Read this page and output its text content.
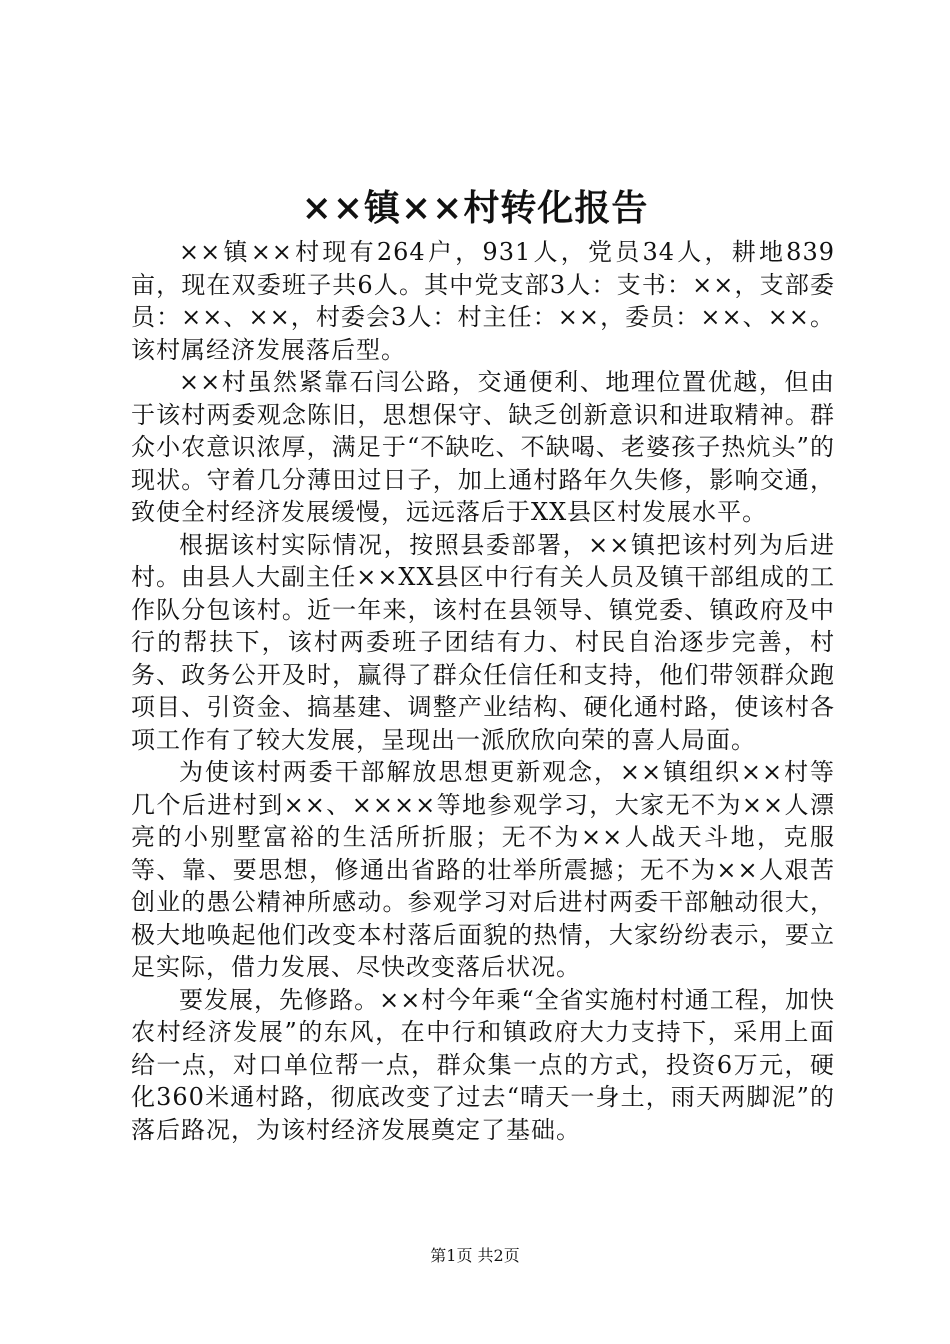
××镇××村转化报告

××镇××村现有264户，931人，党员34人，耕地839亩，现在双委班子共6人。其中党支部3人：支书：××，支部委员：××、××，村委会3人：村主任：××，委员：××、××。该村属经济发展落后型。

××村虽然紧靠石闫公路，交通便利、地理位置优越，但由于该村两委观念陈旧，思想保守、缺乏创新意识和进取精神。群众小农意识浓厚，满足于“不缺吃、不缺喝、老婆孩子热炕头”的现状。守着几分薄田过日子，加上通村路年久失修，影响交通，致使全村经济发展缓慢，远远落后于XX县区村发展水平。

根据该村实际情况，按照县委部署，××镇把该村列为后进村。由县人大副主任××XX县区中行有关人员及镇干部组成的工作队分包该村。近一年来，该村在县领导、镇党委、镇政府及中行的帮扶下，该村两委班子团结有力、村民自治逐步完善，村务、政务公开及时，赢得了群众任信任和支持，他们带领群众跑项目、引资金、搞基建、调整产业结构、硬化通村路，使该村各项工作有了较大发展，呈现出一派欣欣向荣的喜人局面。

为使该村两委干部解放思想更新观念，××镇组织××村等几个后进村到××、××××等地参观学习，大家无不为××人漂亮的小别墅富裕的生活所折服；无不为××人战天斗地，克服等、靠、要思想，修通出省路的壮举所震撼；无不为××人艰苦创业的愚公精神所感动。参观学习对后进村两委干部触动很大，极大地唤起他们改变本村落后面貌的热情，大家纷纷表示，要立足实际，借力发展、尽快改变落后状况。

要发展，先修路。××村今年乘“全省实施村村通工程，加快农村经济发展”的东风，在中行和镇政府大力支持下，采用上面给一点，对口单位帮一点，群众集一点的方式，投资6万元，硬化360米通村路，彻底改变了过去“晴天一身土，雨天两脚泥”的落后路况，为该村经济发展奠定了基础。

第1页 共2页
